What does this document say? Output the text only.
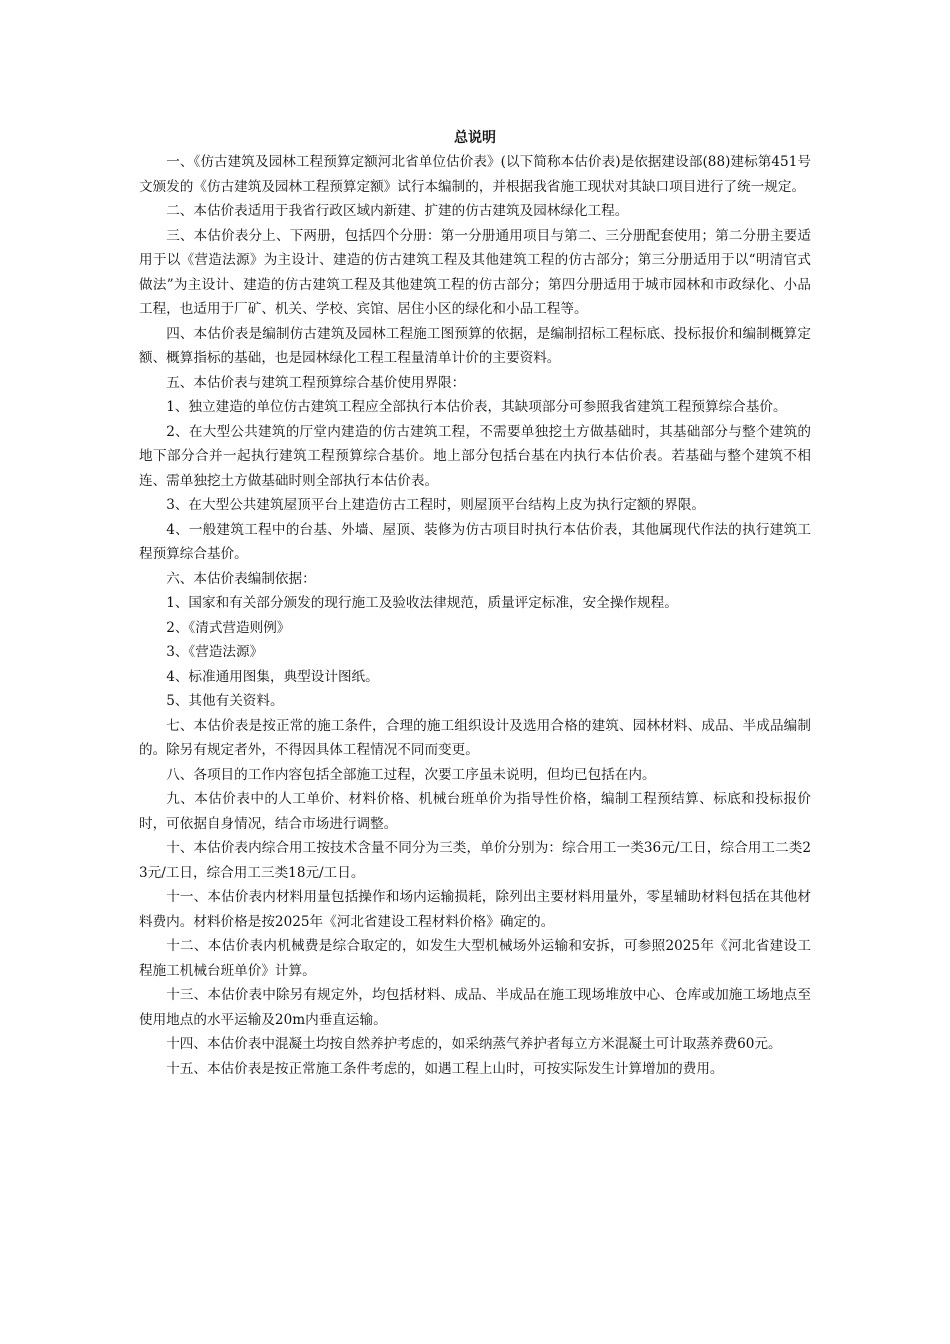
总说明

一、《仿古建筑及园林工程预算定额河北省单位估价表》(以下简称本估价表)是依据建设部(88)建标第451号文颁发的《仿古建筑及园林工程预算定额》试行本编制的，并根据我省施工现状对其缺口项目进行了统一规定。

二、本估价表适用于我省行政区域内新建、扩建的仿古建筑及园林绿化工程。

三、本估价表分上、下两册，包括四个分册：第一分册通用项目与第二、三分册配套使用；第二分册主要适用于以《营造法源》为主设计、建造的仿古建筑工程及其他建筑工程的仿古部分；第三分册适用于以“明清官式做法”为主设计、建造的仿古建筑工程及其他建筑工程的仿古部分；第四分册适用于城市园林和市政绿化、小品工程，也适用于厂矿、机关、学校、宾馆、居住小区的绿化和小品工程等。

四、本估价表是编制仿古建筑及园林工程施工图预算的依据，是编制招标工程标底、投标报价和编制概算定额、概算指标的基础，也是园林绿化工程工程量清单计价的主要资料。

五、本估价表与建筑工程预算综合基价使用界限：

1、独立建造的单位仿古建筑工程应全部执行本估价表，其缺项部分可参照我省建筑工程预算综合基价。

2、在大型公共建筑的厅堂内建造的仿古建筑工程，不需要单独挖土方做基础时，其基础部分与整个建筑的地下部分合并一起执行建筑工程预算综合基价。地上部分包括台基在内执行本估价表。若基础与整个建筑不相连、需单独挖土方做基础时则全部执行本估价表。

3、在大型公共建筑屋顶平台上建造仿古工程时，则屋顶平台结构上皮为执行定额的界限。

4、一般建筑工程中的台基、外墙、屋顶、装修为仿古项目时执行本估价表，其他属现代作法的执行建筑工程预算综合基价。

六、本估价表编制依据：

1、国家和有关部分颁发的现行施工及验收法律规范，质量评定标准，安全操作规程。

2、《清式营造则例》

3、《营造法源》

4、标准通用图集，典型设计图纸。

5、其他有关资料。

七、本估价表是按正常的施工条件，合理的施工组织设计及选用合格的建筑、园林材料、成品、半成品编制的。除另有规定者外，不得因具体工程情况不同而变更。

八、各项目的工作内容包括全部施工过程，次要工序虽未说明，但均已包括在内。

九、本估价表中的人工单价、材料价格、机械台班单价为指导性价格，编制工程预结算、标底和投标报价时，可依据自身情况，结合市场进行调整。

十、本估价表内综合用工按技术含量不同分为三类，单价分别为：综合用工一类36元/工日，综合用工二类23元/工日，综合用工三类18元/工日。

十一、本估价表内材料用量包括操作和场内运输损耗，除列出主要材料用量外，零星辅助材料包括在其他材料费内。材料价格是按2025年《河北省建设工程材料价格》确定的。

十二、本估价表内机械费是综合取定的，如发生大型机械场外运输和安拆，可参照2025年《河北省建设工程施工机械台班单价》计算。

十三、本估价表中除另有规定外，均包括材料、成品、半成品在施工现场堆放中心、仓库或加施工场地点至使用地点的水平运输及20m内垂直运输。

十四、本估价表中混凝土均按自然养护考虑的，如采纳蒸气养护者每立方米混凝土可计取蒸养费60元。

十五、本估价表是按正常施工条件考虑的，如遇工程上山时，可按实际发生计算增加的费用。
